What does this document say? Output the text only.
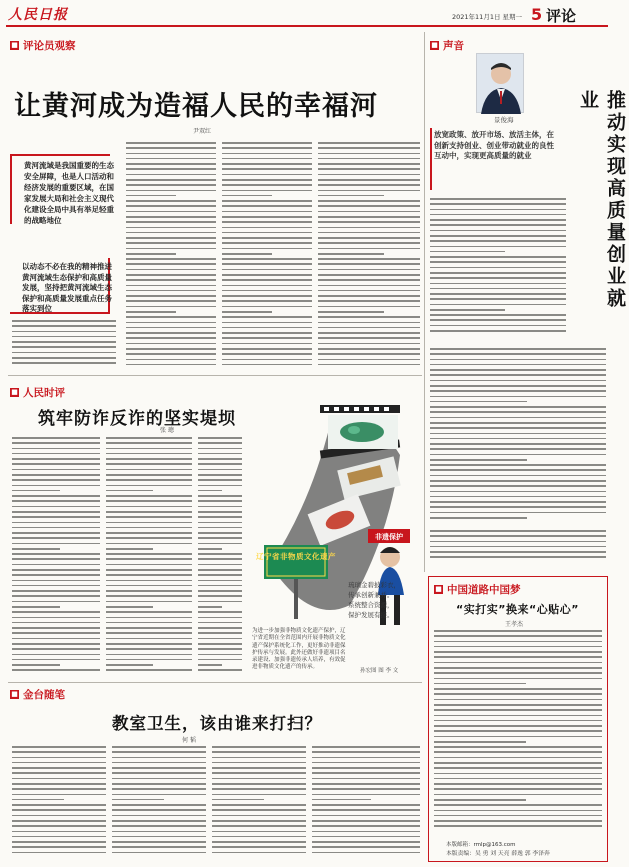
人民日报	2021年11月1日 星期一 5 评论
■ 评论员观察
让黄河成为造福人民的幸福河
尹双红
黄河流域是我国重要的生态安全屏障，也是人口活动和经济发展的重要区域，在国家发展大局和社会主义现代化建设全局中具有举足轻重的战略地位
以动态不必在我的精神推进黄河流域生态保护和高质量发展，坚持把黄河流域生态保护和高质量发展重点任务落实到位
■ 声音
景俊海	推动实现高质量创业就业
放宽政策、放开市场、放活主体，在创新支持创业、创业带动就业的良性互动中，实现更高质量的就业
■ 人民时评
筑牢防诈反诈的坚实堤坝
张 璁
辽宁省非物质文化遗产
非遗保护
琉璃金碧披彩衣，
传承创新兼并。
系统整合资源，
保护发展有接。
为进一步加强非物质文化遗产保护，辽宁省近期在全省范围内开展非物质文化遗产保护系统化工作，更好推动非遗保护传承与发展。此外还做好非遗项目名录建设、加强非遗传承人培养，有效促进非物质文化遗产的传承。
孙宏图 图 李 文
■ 金台随笔
教室卫生，该由谁来打扫？
何 韬
■ 中国道路中国梦
“实打实”换来“心贴心”
王孝杰
本版责编：吴 勇 刘 天亮 薛逸 郭 李泽奔
本版邮箱：rmlp@163.com
